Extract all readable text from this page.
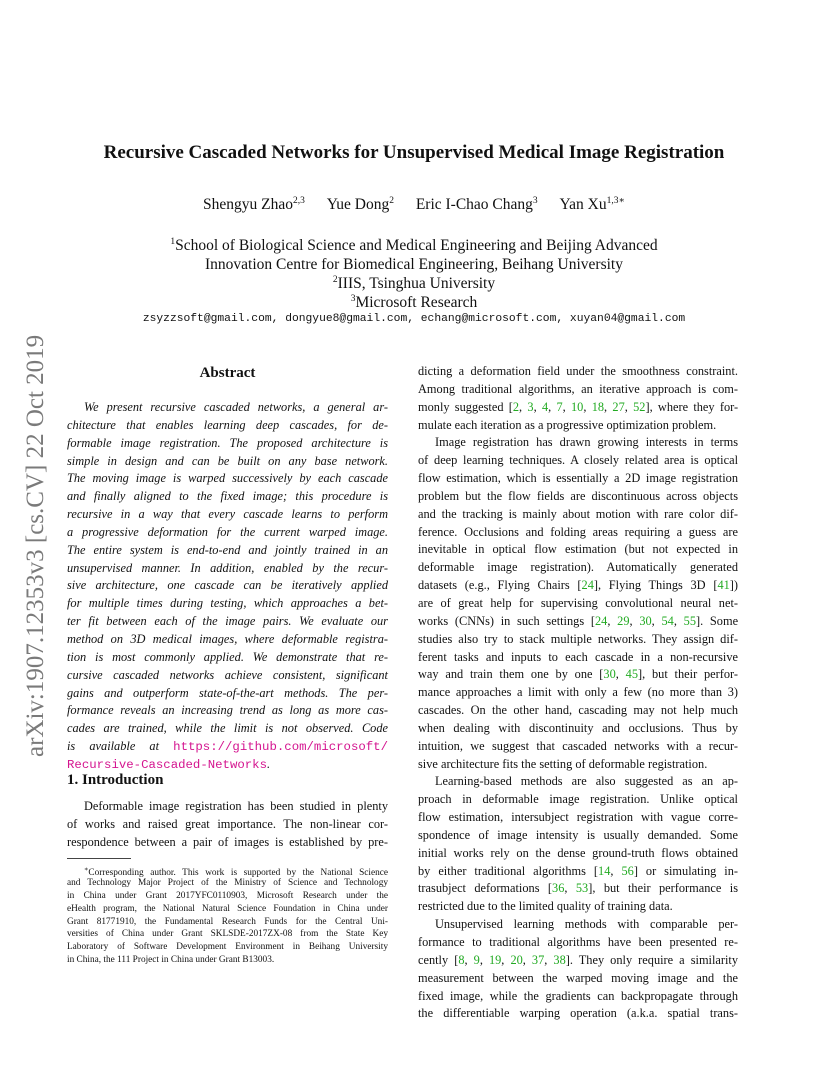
Recursive Cascaded Networks for Unsupervised Medical Image Registration
Shengyu Zhao$^{2,3}$ Yue Dong$^2$ Eric I-Chao Chang$^3$ Yan $Xu^{1,3∗}$
$^1$School of Biological Science and Medical Engineering and Beijing Advanced
Innovation Centre for Biomedical Engineering, Beihang University
$^2$IIIS, Tsinghua University
$^3$Microsoft Research
zsyzzsoft@gmail.com, dongyue8@gmail.com, echang@microsoft.com, xuyan04@gmail.com
arXiv:1907.12353v3 [cs.CV] 22 Oct 2019	Abstract
We present recursive cascaded networks, a general ar-
chitecture that enables learning deep cascades, for de-
formable image registration. The proposed architecture is
simple in design and can be built on any base network.
The moving image is warped successively by each cascade
and finally aligned to the fixed image; this procedure is
recursive in a way that every cascade learns to perform
a progressive deformation for the current warped image.
The entire system is end-to-end and jointly trained in an
unsupervised manner. In addition, enabled by the recur-
sive architecture, one cascade can be iteratively applied
for multiple times during testing, which approaches a bet-
ter fit between each of the image pairs. We evaluate our
method on 3D medical images, where deformable registra-
tion is most commonly applied. We demonstrate that re-
cursive cascaded networks achieve consistent, significant
gains and outperform state-of-the-art methods. The per-
formance reveals an increasing trend as long as more cas-
cades are trained, while the limit is not observed. Code
is available at https://github.com/microsoft/
Recursive-Cascaded-Networks.
1. Introduction
Deformable image registration has been studied in plenty
of works and raised great importance. The non-linear cor-
respondence between a pair of images is established by pre-
∗Corresponding author. This work is supported by the National Science
and Technology Major Project of the Ministry of Science and Technology
in China under Grant 2017YFC0110903, Microsoft Research under the
eHealth program, the National Natural Science Foundation in China under
Grant 81771910, the Fundamental Research Funds for the Central Uni-
versities of China under Grant SKLSDE-2017ZX-08 from the State Key
Laboratory of Software Development Environment in Beihang University
in China, the 111 Project in China under Grant B13003.
dicting a deformation field under the smoothness constraint.
Among traditional algorithms, an iterative approach is com-
monly suggested [2, 3, 4, 7, 10, 18, 27, 52], where they for-
mulate each iteration as a progressive optimization problem.
Image registration has drawn growing interests in terms
of deep learning techniques. A closely related area is optical
flow estimation, which is essentially a 2D image registration
problem but the flow fields are discontinuous across objects
and the tracking is mainly about motion with rare color dif-
ference. Occlusions and folding areas requiring a guess are
inevitable in optical flow estimation (but not expected in
deformable image registration). Automatically generated
datasets (e.g., Flying Chairs [24], Flying Things 3D [41])
are of great help for supervising convolutional neural net-
works (CNNs) in such settings [24, 29, 30, 54, 55]. Some
studies also try to stack multiple networks. They assign dif-
ferent tasks and inputs to each cascade in a non-recursive
way and train them one by one [30, 45], but their perfor-
mance approaches a limit with only a few (no more than 3)
cascades. On the other hand, cascading may not help much
when dealing with discontinuity and occlusions. Thus by
intuition, we suggest that cascaded networks with a recur-
sive architecture fits the setting of deformable registration.
Learning-based methods are also suggested as an ap-
proach in deformable image registration. Unlike optical
flow estimation, intersubject registration with vague corre-
spondence of image intensity is usually demanded. Some
initial works rely on the dense ground-truth flows obtained
by either traditional algorithms [14, 56] or simulating in-
trasubject deformations [36, 53], but their performance is
restricted due to the limited quality of training data.
Unsupervised learning methods with comparable per-
formance to traditional algorithms have been presented re-
cently [8, 9, 19, 20, 37, 38]. They only require a similarity
measurement between the warped moving image and the
fixed image, while the gradients can backpropagate through
the differentiable warping operation (a.k.a. spatial trans-
